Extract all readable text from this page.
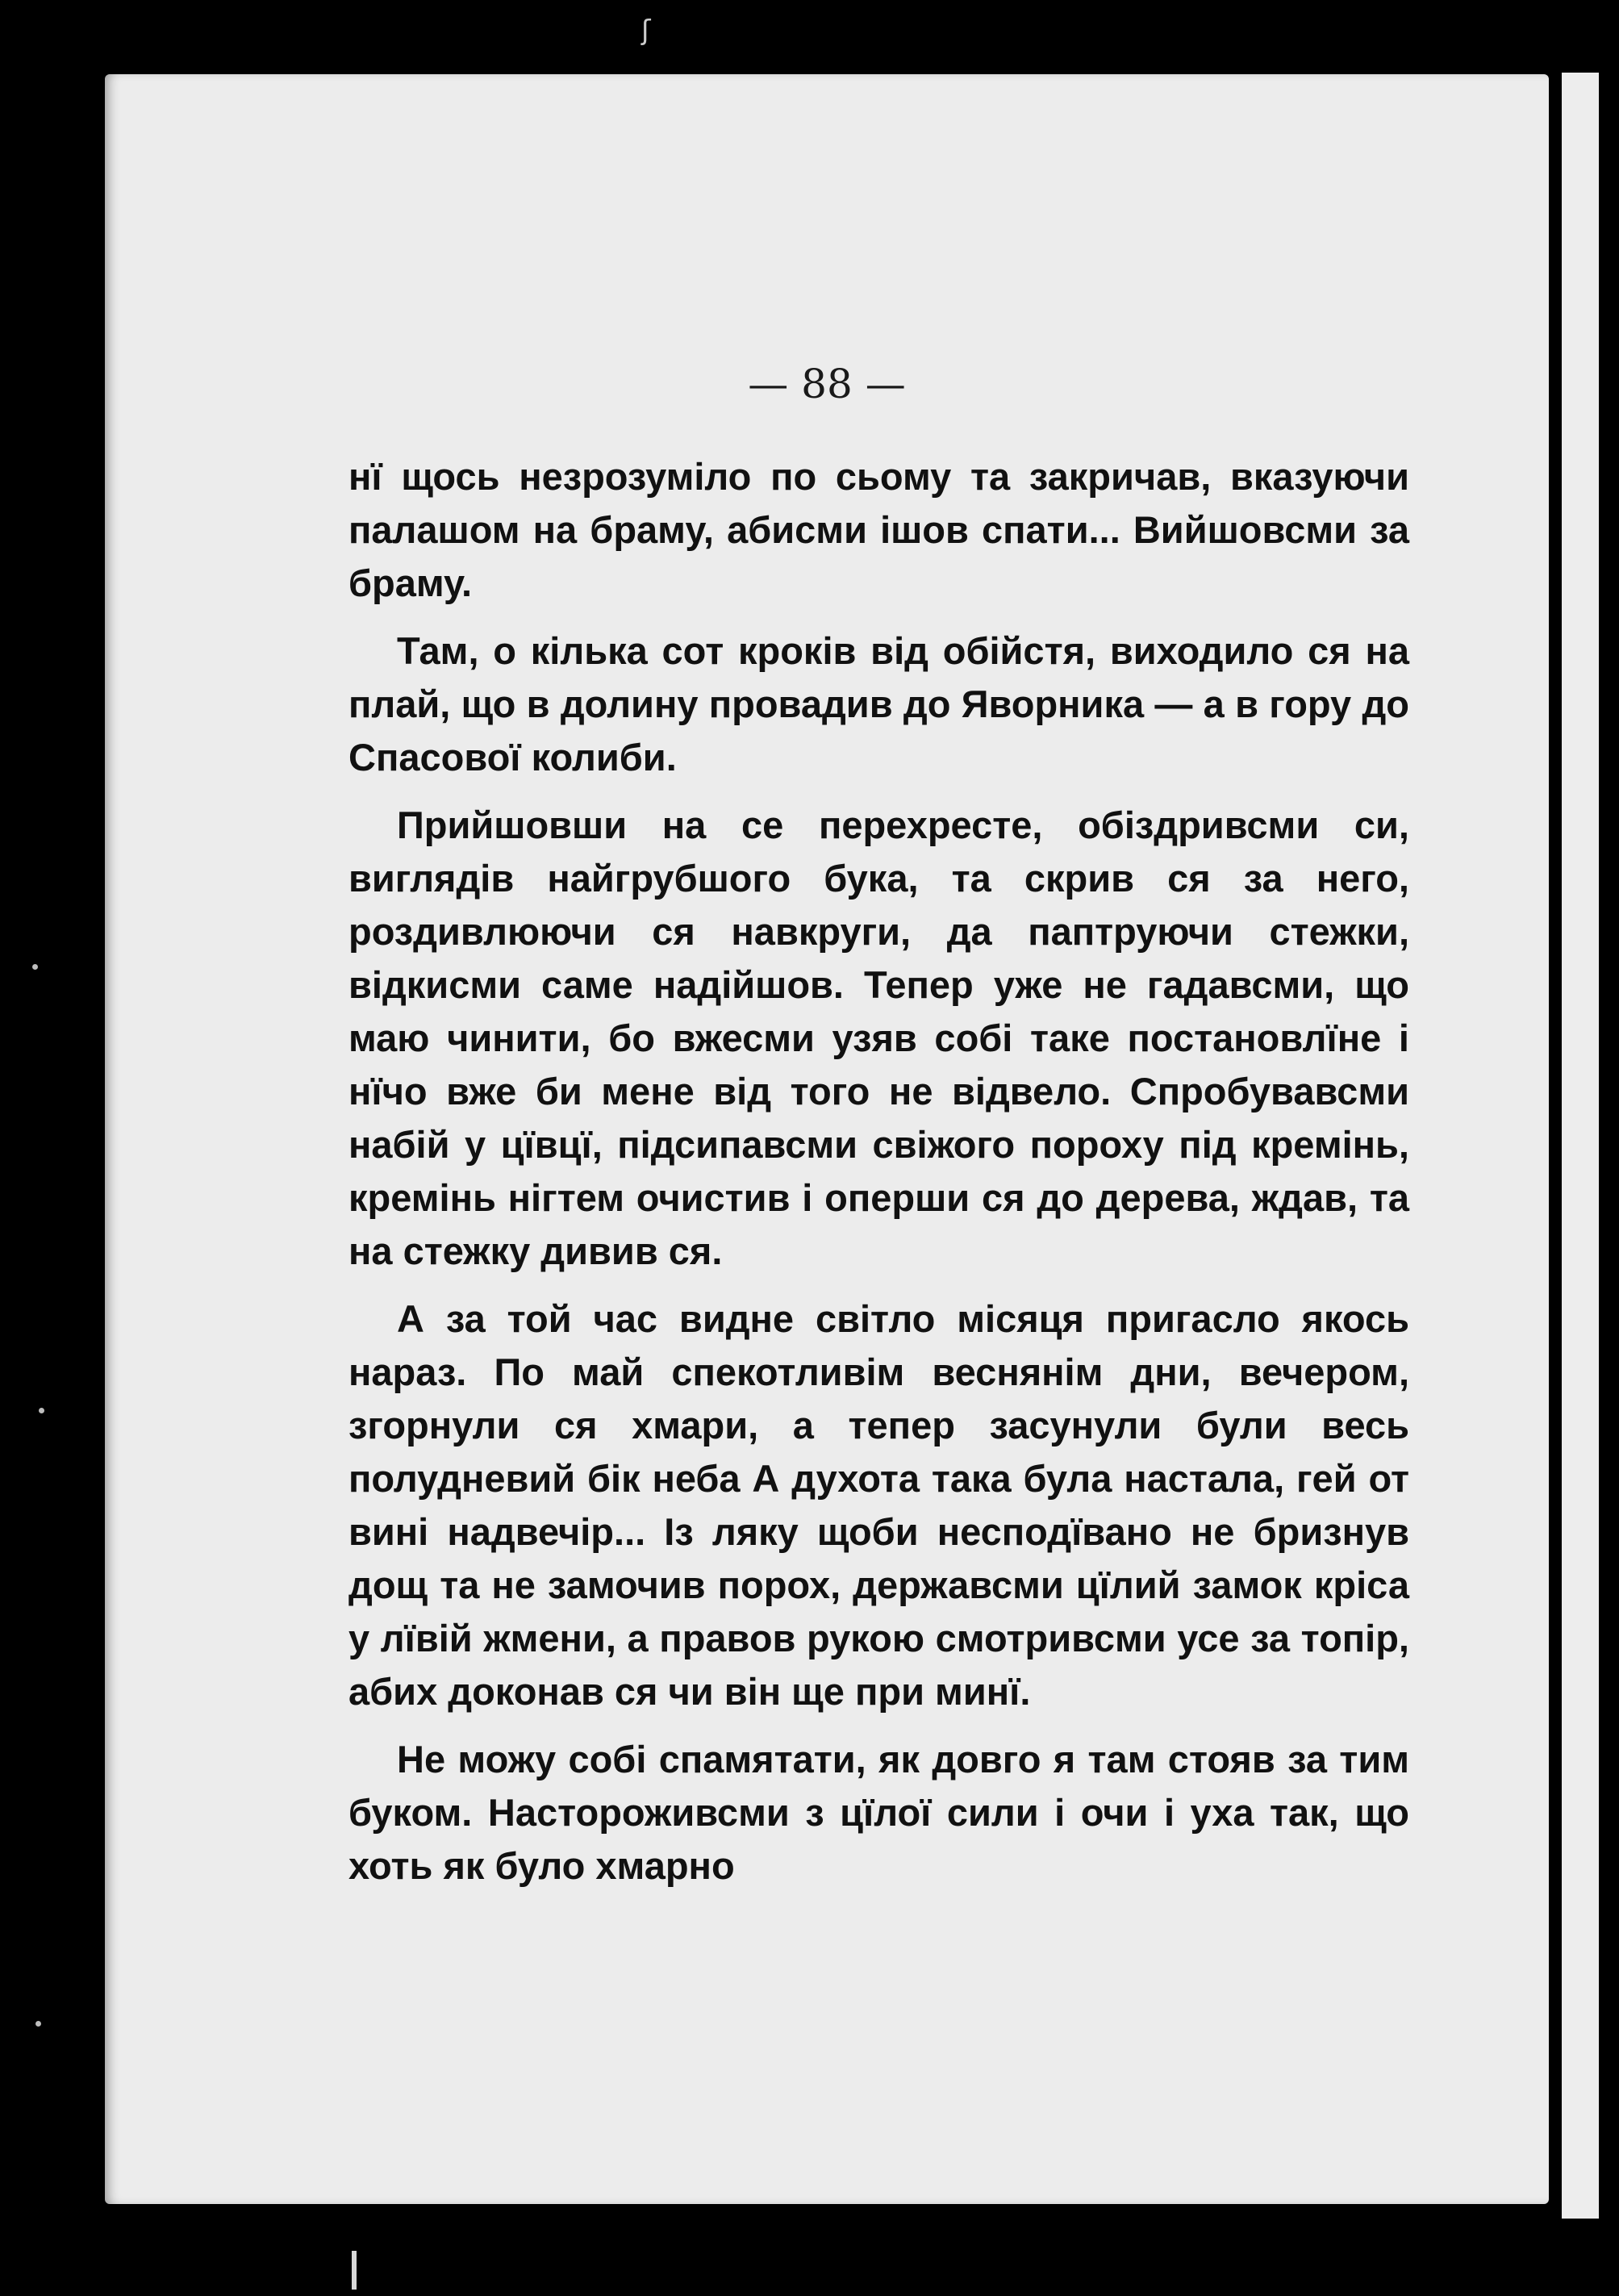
ʃ
— 88 —

нї щось незрозуміло по сьому та закричав, вказуючи палашом на браму, абисми ішов спати... Вийшовсми за браму.

Там, о кілька сот кроків від обійстя, виходило ся на плай, що в долину провадив до Яворника — а в гору до Спасової колиби.

Прийшовши на се перехресте, обіздривсми си, виглядів найгрубшого бука, та скрив ся за него, роздивлюючи ся навкруги, да паптруючи стежки, відкисми саме надійшов. Тепер уже не гадавсми, що маю чинити, бо вжесми узяв собі таке постановлїне і нїчо вже би мене від того не відвело. Спробувавсми набій у цївцї, підсипавсми свіжого пороху під кремінь, кремінь нігтем очистив і оперши ся до дерева, ждав, та на стежку дивив ся.

А за той час видне світло місяця пригасло якось нараз. По май спекотливім веснянім дни, вечером, згорнули ся хмари, а тепер засунули були весь полудневий бік неба А духота така була настала, гей от вині надвечір... Із ляку щоби несподївано не бризнув дощ та не замочив порох, державсми цїлий замок кріса у лївій жмени, а правов рукою смотривсми усе за топір, абих доконав ся чи він ще при минї.

Не можу собі спамятати, як довго я там стояв за тим буком. Настороживсми з цїлої сили і очи і уха так, що хоть як було хмарно
